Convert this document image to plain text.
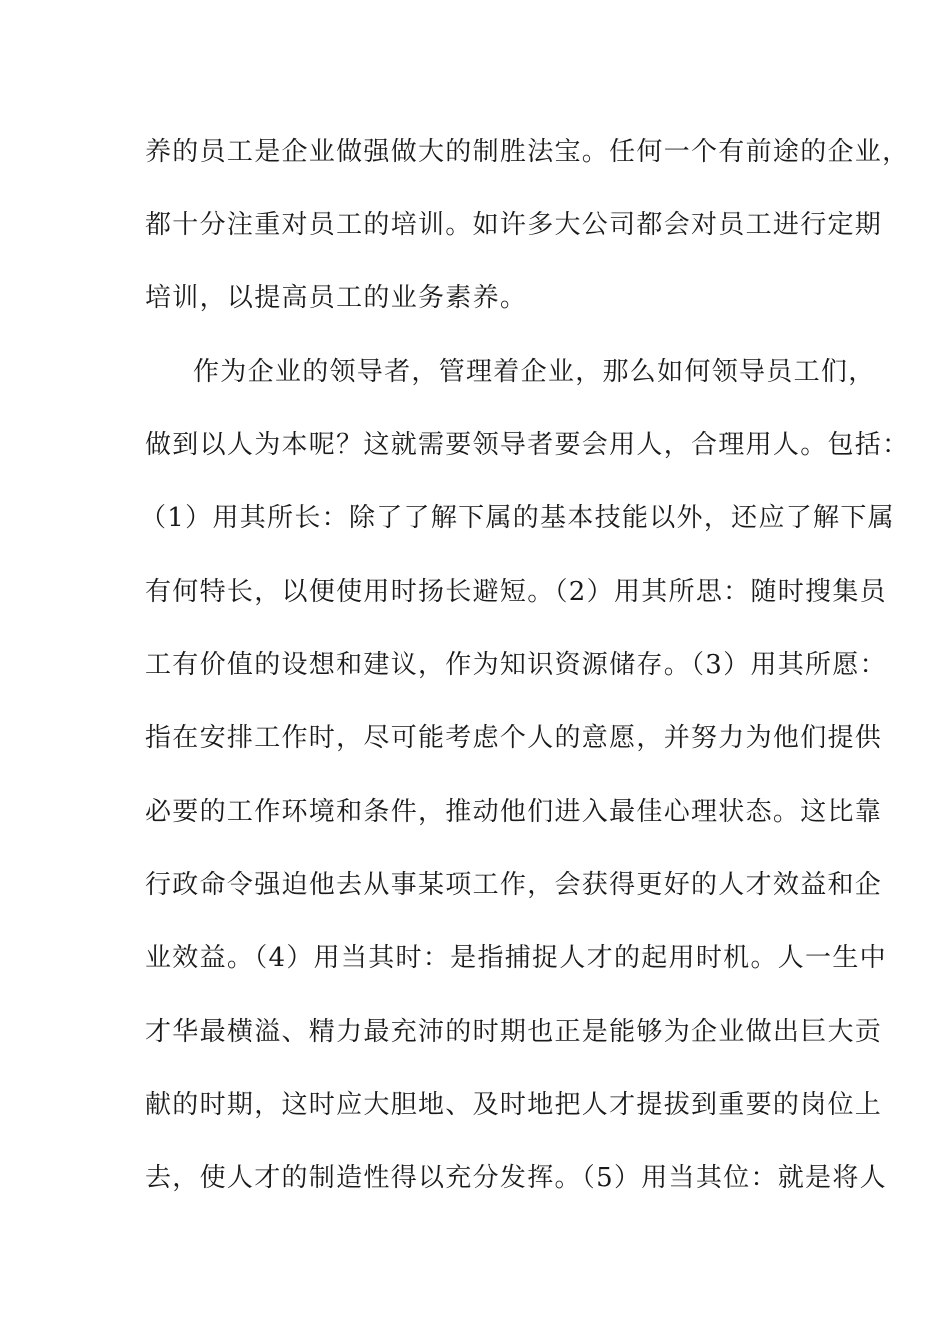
养的员工是企业做强做大的制胜法宝。任何一个有前途的企业，
都十分注重对员工的培训。如许多大公司都会对员工进行定期
培训，以提高员工的业务素养。
作为企业的领导者，管理着企业，那么如何领导员工们，
做到以人为本呢？这就需要领导者要会用人，合理用人。包括：
（1）用其所长：除了了解下属的基本技能以外，还应了解下属
有何特长，以便使用时扬长避短。（2）用其所思：随时搜集员
工有价值的设想和建议，作为知识资源储存。（3）用其所愿：
指在安排工作时，尽可能考虑个人的意愿，并努力为他们提供
必要的工作环境和条件，推动他们进入最佳心理状态。这比靠
行政命令强迫他去从事某项工作，会获得更好的人才效益和企
业效益。（4）用当其时：是指捕捉人才的起用时机。人一生中
才华最横溢、精力最充沛的时期也正是能够为企业做出巨大贡
献的时期，这时应大胆地、及时地把人才提拔到重要的岗位上
去，使人才的制造性得以充分发挥。（5）用当其位：就是将人
